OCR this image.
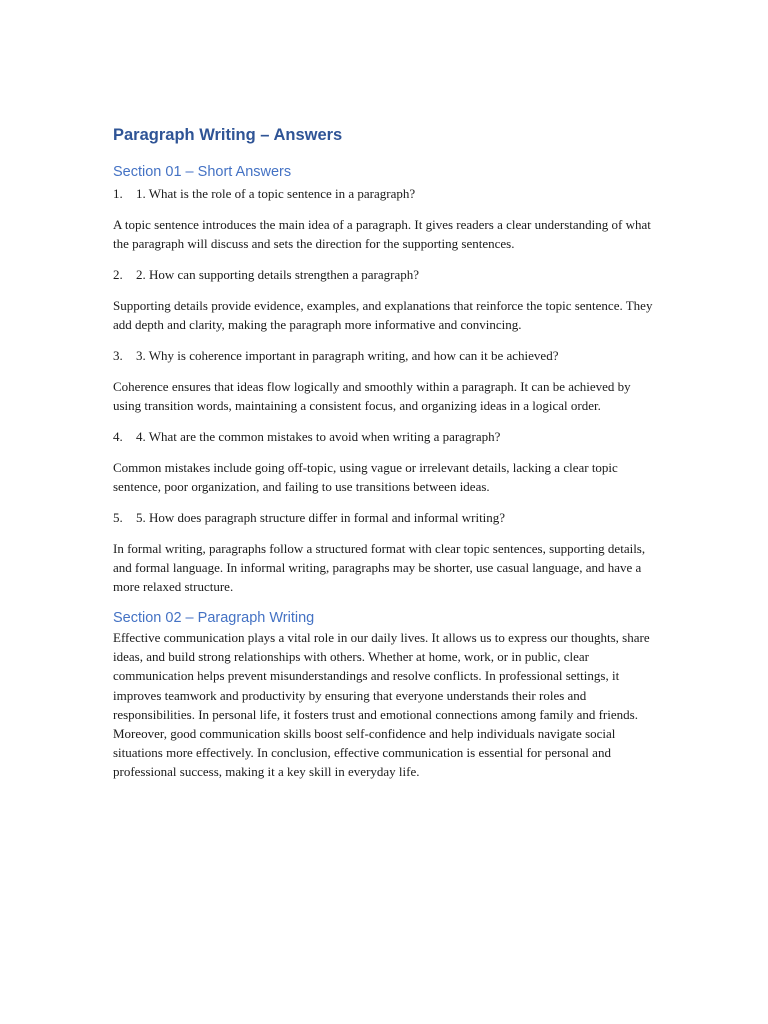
Paragraph Writing – Answers
Section 01 – Short Answers

1.	1. What is the role of a topic sentence in a paragraph?

A topic sentence introduces the main idea of a paragraph. It gives readers a clear understanding of what the paragraph will discuss and sets the direction for the supporting sentences.

2.	2. How can supporting details strengthen a paragraph?

Supporting details provide evidence, examples, and explanations that reinforce the topic sentence. They add depth and clarity, making the paragraph more informative and convincing.

3.	3. Why is coherence important in paragraph writing, and how can it be achieved?

Coherence ensures that ideas flow logically and smoothly within a paragraph. It can be achieved by using transition words, maintaining a consistent focus, and organizing ideas in a logical order.

4.	4. What are the common mistakes to avoid when writing a paragraph?

Common mistakes include going off-topic, using vague or irrelevant details, lacking a clear topic sentence, poor organization, and failing to use transitions between ideas.

5.	5. How does paragraph structure differ in formal and informal writing?

In formal writing, paragraphs follow a structured format with clear topic sentences, supporting details, and formal language. In informal writing, paragraphs may be shorter, use casual language, and have a more relaxed structure.

Section 02 – Paragraph Writing

Effective communication plays a vital role in our daily lives. It allows us to express our thoughts, share ideas, and build strong relationships with others. Whether at home, work, or in public, clear communication helps prevent misunderstandings and resolve conflicts. In professional settings, it improves teamwork and productivity by ensuring that everyone understands their roles and responsibilities. In personal life, it fosters trust and emotional connections among family and friends. Moreover, good communication skills boost self-confidence and help individuals navigate social situations more effectively. In conclusion, effective communication is essential for personal and professional success, making it a key skill in everyday life.
